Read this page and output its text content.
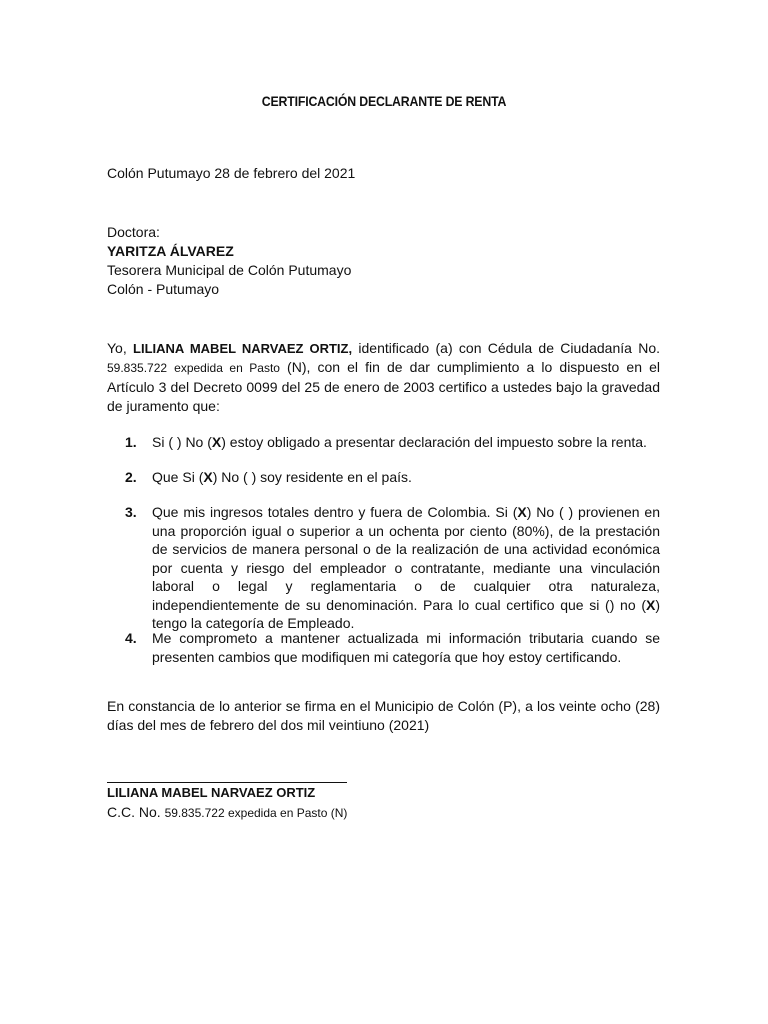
CERTIFICACIÓN DECLARANTE DE RENTA
Colón Putumayo 28 de febrero del 2021
Doctora:
YARITZA ÁLVAREZ
Tesorera Municipal de Colón Putumayo
Colón - Putumayo
Yo, LILIANA MABEL NARVAEZ ORTIZ, identificado (a) con Cédula de Ciudadanía No. 59.835.722 expedida en Pasto (N), con el fin de dar cumplimiento a lo dispuesto en el Artículo 3 del Decreto 0099 del 25 de enero de 2003 certifico a ustedes bajo la gravedad de juramento que:
1. Si ( ) No (X) estoy obligado a presentar declaración del impuesto sobre la renta.
2. Que Si (X) No ( ) soy residente en el país.
3. Que mis ingresos totales dentro y fuera de Colombia. Si (X) No ( ) provienen en una proporción igual o superior a un ochenta por ciento (80%), de la prestación de servicios de manera personal o de la realización de una actividad económica por cuenta y riesgo del empleador o contratante, mediante una vinculación laboral o legal y reglamentaria o de cualquier otra naturaleza, independientemente de su denominación. Para lo cual certifico que si () no (X) tengo la categoría de Empleado.
4. Me comprometo a mantener actualizada mi información tributaria cuando se presenten cambios que modifiquen mi categoría que hoy estoy certificando.
En constancia de lo anterior se firma en el Municipio de Colón (P), a los veinte ocho (28) días del mes de febrero del dos mil veintiuno (2021)
LILIANA MABEL NARVAEZ ORTIZ
C.C. No. 59.835.722 expedida en Pasto (N)
